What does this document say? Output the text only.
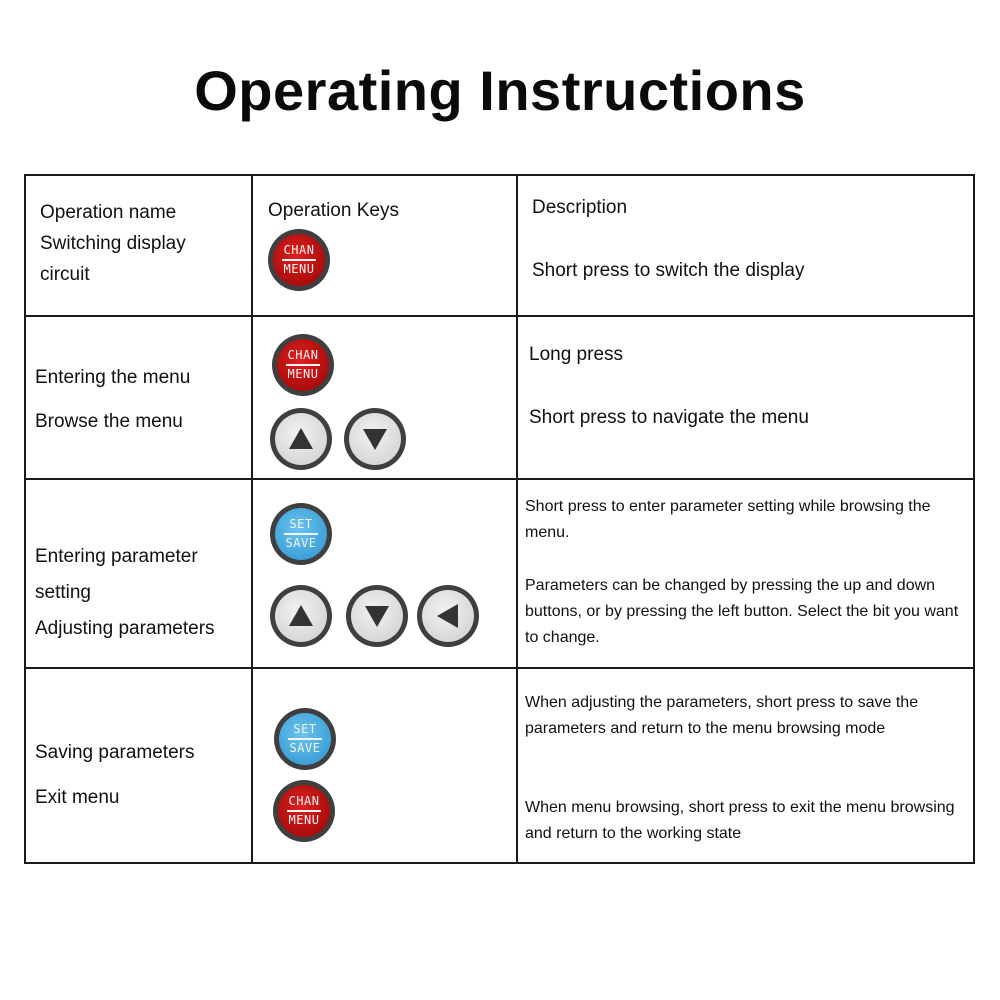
Operating Instructions
Operation name
Switching display
circuit
Operation Keys	Description
Short press to switch the display
CHAN
MENU
Entering the menu
Browse the menu
Long press
Short press to navigate the menu
CHAN
MENU
Entering parameter
setting
Adjusting parameters
Short press to enter parameter setting while browsing the menu.
Parameters can be changed by pressing the up and down buttons, or by pressing the left button. Select the bit you want to change.
SET
SAVE
Saving parameters
Exit menu
When adjusting the parameters, short press to save the parameters and return to the menu browsing mode
When menu browsing, short press to exit the menu browsing and return to the working state
SET
SAVE
CHAN
MENU
